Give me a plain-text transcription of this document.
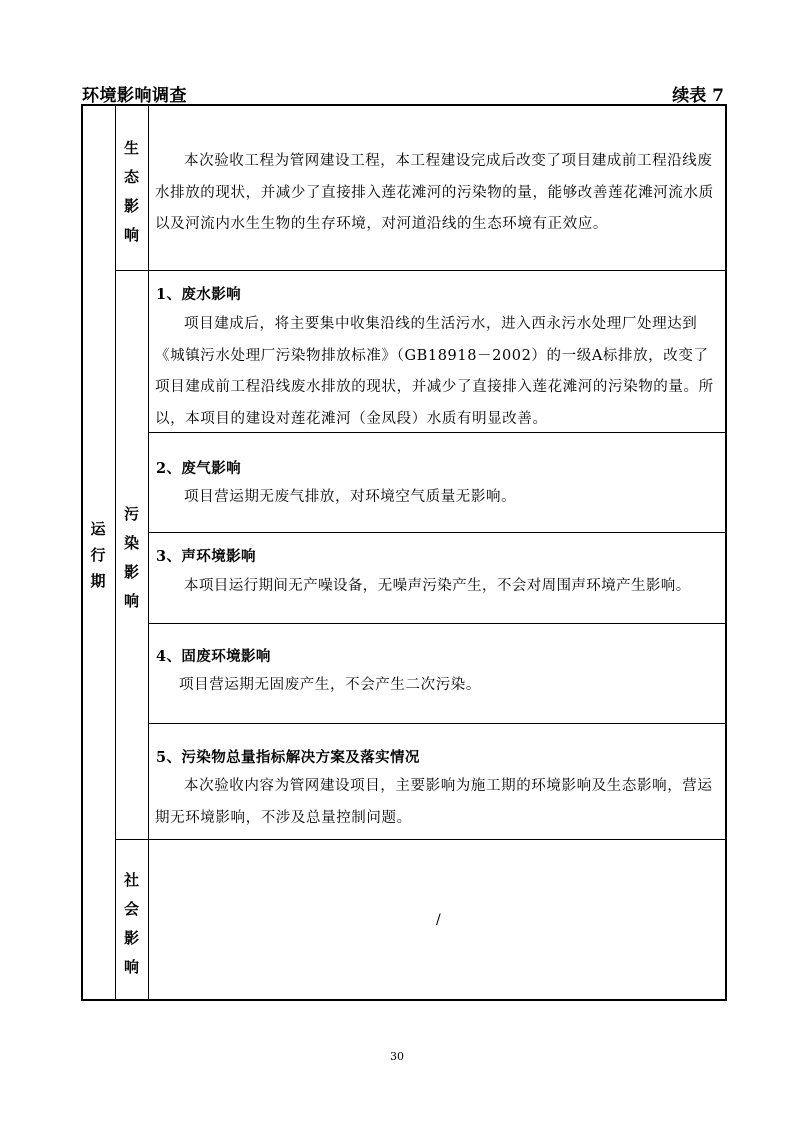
环境影响调查	续表 7
运行期
生态影响
污染影响
社会影响
本次验收工程为管网建设工程，本工程建设完成后改变了项目建成前工程沿线废水排放的现状，并减少了直接排入莲花滩河的污染物的量，能够改善莲花滩河流水质以及河流内水生生物的生存环境，对河道沿线的生态环境有正效应。
1、废水影响
项目建成后，将主要集中收集沿线的生活污水，进入西永污水处理厂处理达到《城镇污水处理厂污染物排放标准》（GB18918－2002）的一级A标排放，改变了项目建成前工程沿线废水排放的现状，并减少了直接排入莲花滩河的污染物的量。所以，本项目的建设对莲花滩河（金凤段）水质有明显改善。
2、废气影响
项目营运期无废气排放，对环境空气质量无影响。
3、声环境影响
本项目运行期间无产噪设备，无噪声污染产生，不会对周围声环境产生影响。
4、固废环境影响
项目营运期无固废产生，不会产生二次污染。
5、污染物总量指标解决方案及落实情况
本次验收内容为管网建设项目，主要影响为施工期的环境影响及生态影响，营运期无环境影响，不涉及总量控制问题。
/
30
